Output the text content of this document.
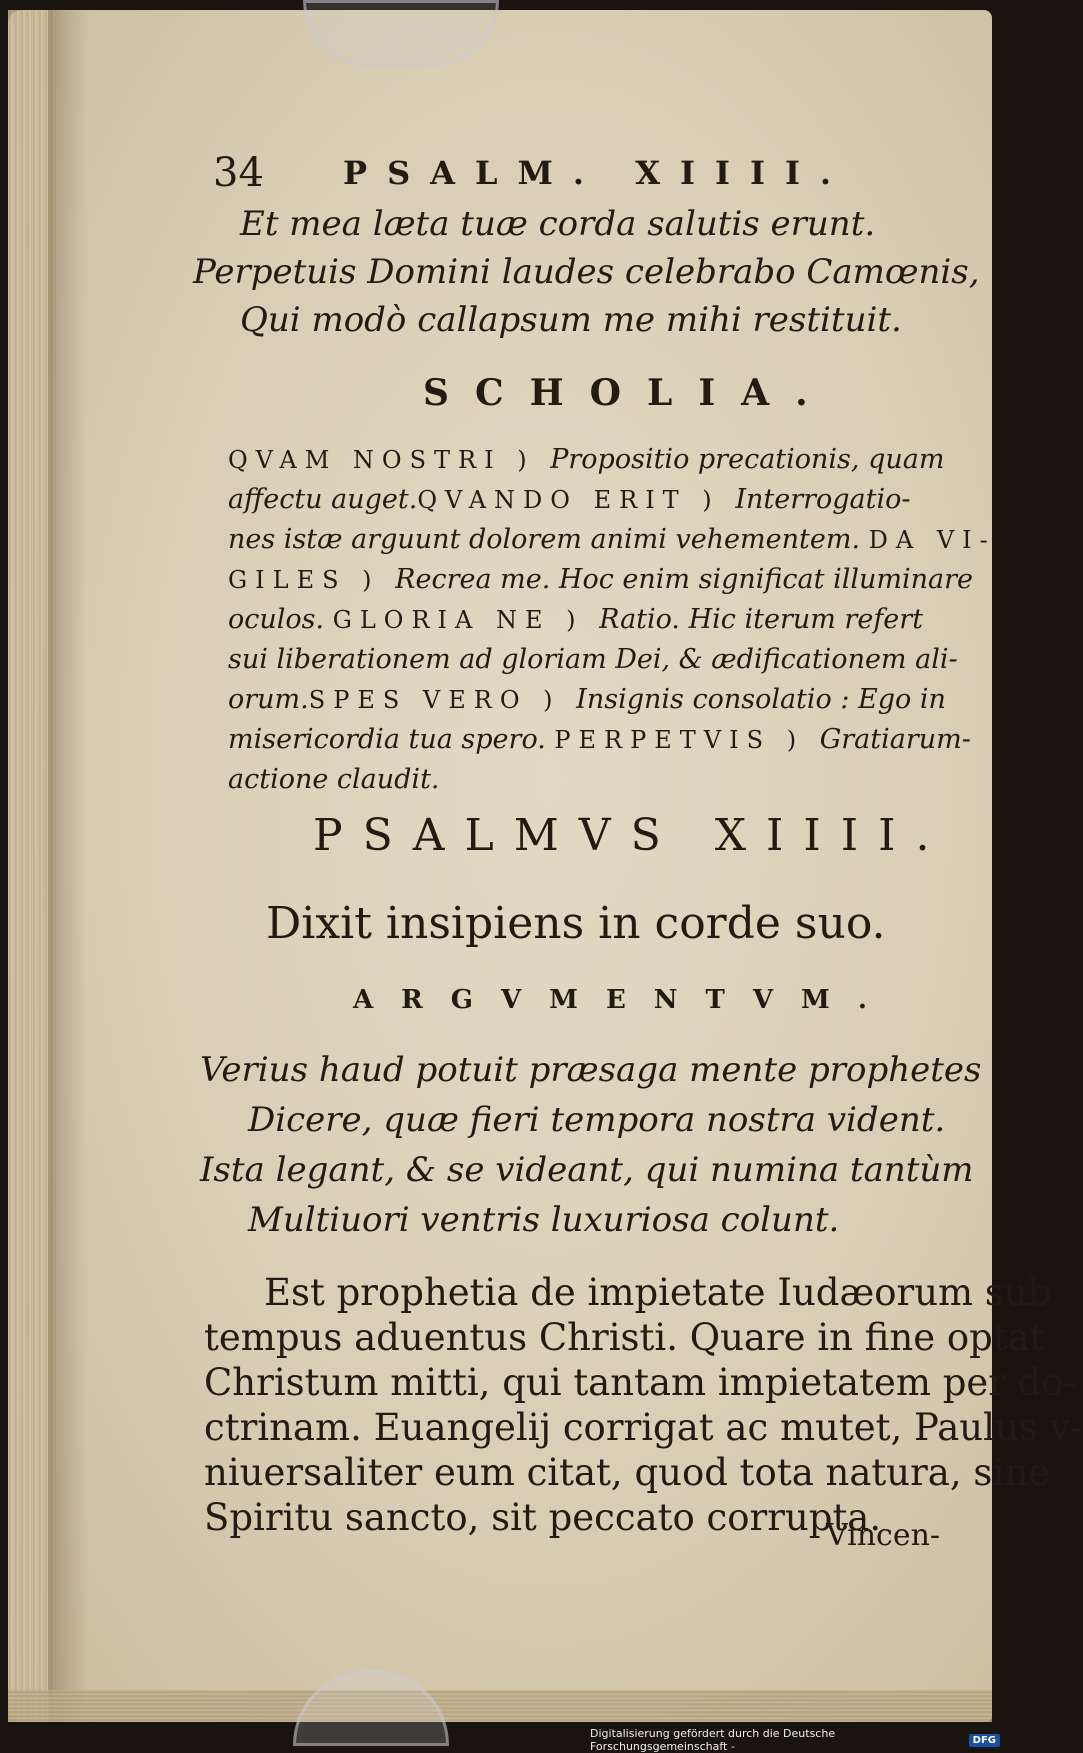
34 PSALM. XIIII.
Et mea læta tuæ corda salutis erunt.
Perpetuis Domini laudes celebrabo Camœnis,
Qui modò callapsum me mihi restituit.
SCHOLIA.
QVAM NOSTRI ) Propositio precationis, quam
affectu auget.QVANDO ERIT ) Interrogatio-
nes istæ arguunt dolorem animi vehementem. DA VI-
GILES ) Recrea me. Hoc enim significat illuminare
oculos. GLORIA NE ) Ratio. Hic iterum refert
sui liberationem ad gloriam Dei, & ædificationem ali-
orum.SPES VERO ) Insignis consolatio : Ego in
misericordia tua spero. PERPETVIS ) Gratiarum-
actione claudit.
PSALMVS XIIII.
Dixit insipiens in corde suo.
ARGVMENTVM.
Verius haud potuit præsaga mente prophetes
Dicere, quæ fieri tempora nostra vident.
Ista legant, & se videant, qui numina tantùm
Multiuori ventris luxuriosa colunt.
Est prophetia de impietate Iudæorum sub
tempus aduentus Christi. Quare in fine optat
Christum mitti, qui tantam impietatem per do-
ctrinam. Euangelij corrigat ac mutet, Paulus v-
niuersaliter eum citat, quod tota natura, sine
Spiritu sancto, sit peccato corrupta.
Vincen-
Digitalisierung gefördert durch die Deutsche Forschungsgemeinschaft -	DFG
